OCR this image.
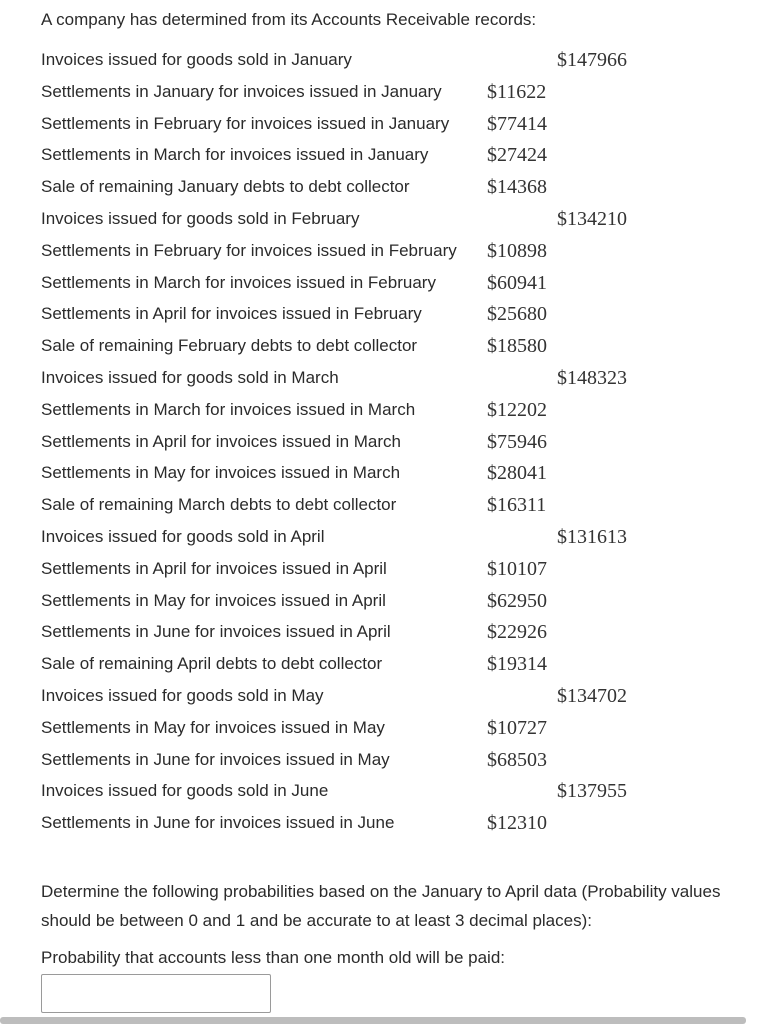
A company has determined from its Accounts Receivable records:

Invoices issued for goods sold in January	$147966
Settlements in January for invoices issued in January $11622
Settlements in February for invoices issued in January $77414
Settlements in March for invoices issued in January	$27424
Sale of remaining January debts to debt collector	$14368
Invoices issued for goods sold in February	$134210
Settlements in February for invoices issued in February $10898
Settlements in March for invoices issued in February	$60941
Settlements in April for invoices issued in February	$25680
Sale of remaining February debts to debt collector	$18580
Invoices issued for goods sold in March	$148323
Settlements in March for invoices issued in March	$12202
Settlements in April for invoices issued in March	$75946
Settlements in May for invoices issued in March	$28041
Sale of remaining March debts to debt collector	$16311
Invoices issued for goods sold in April	$131613
Settlements in April for invoices issued in April	$10107
Settlements in May for invoices issued in April	$62950
Settlements in June for invoices issued in April	$22926
Sale of remaining April debts to debt collector	$19314
Invoices issued for goods sold in May	$134702
Settlements in May for invoices issued in May	$10727
Settlements in June for invoices issued in May	$68503
Invoices issued for goods sold in June	$137955
Settlements in June for invoices issued in June	$12310

Determine the following probabilities based on the January to April data (Probability values should be between 0 and 1 and be accurate to at least 3 decimal places):

Probability that accounts less than one month old will be paid:
